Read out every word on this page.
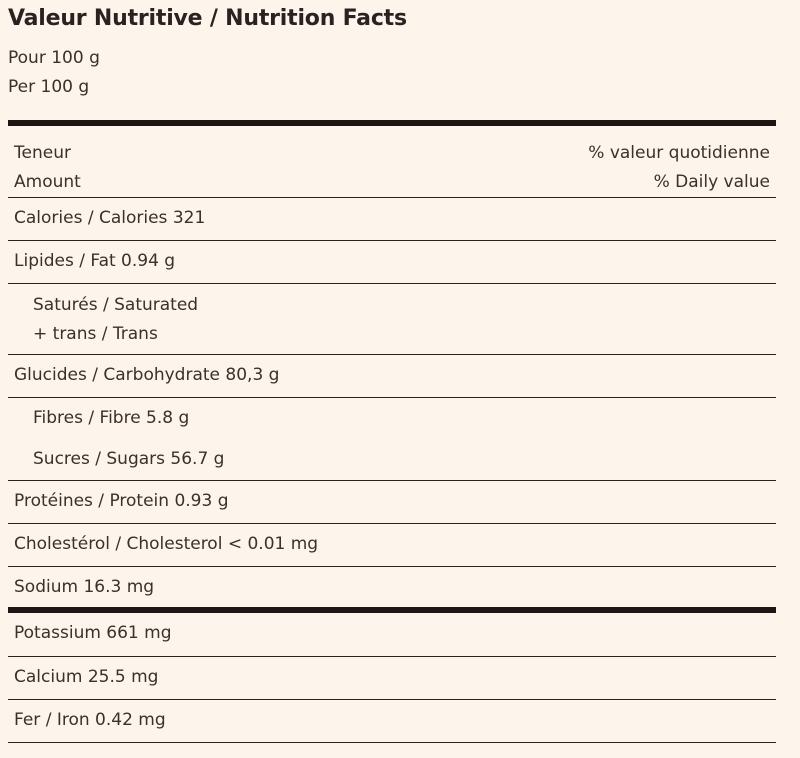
Valeur Nutritive / Nutrition Facts
Pour 100 g
Per 100 g
Teneur
Amount
% valeur quotidienne
% Daily value
Calories / Calories 321
Lipides / Fat 0.94 g
Saturés / Saturated
+ trans / Trans
Glucides / Carbohydrate 80,3 g
Fibres / Fibre 5.8 g
Sucres / Sugars 56.7 g
Protéines / Protein 0.93 g
Cholestérol / Cholesterol < 0.01 mg
Sodium 16.3 mg
Potassium 661 mg
Calcium 25.5 mg
Fer / Iron 0.42 mg
